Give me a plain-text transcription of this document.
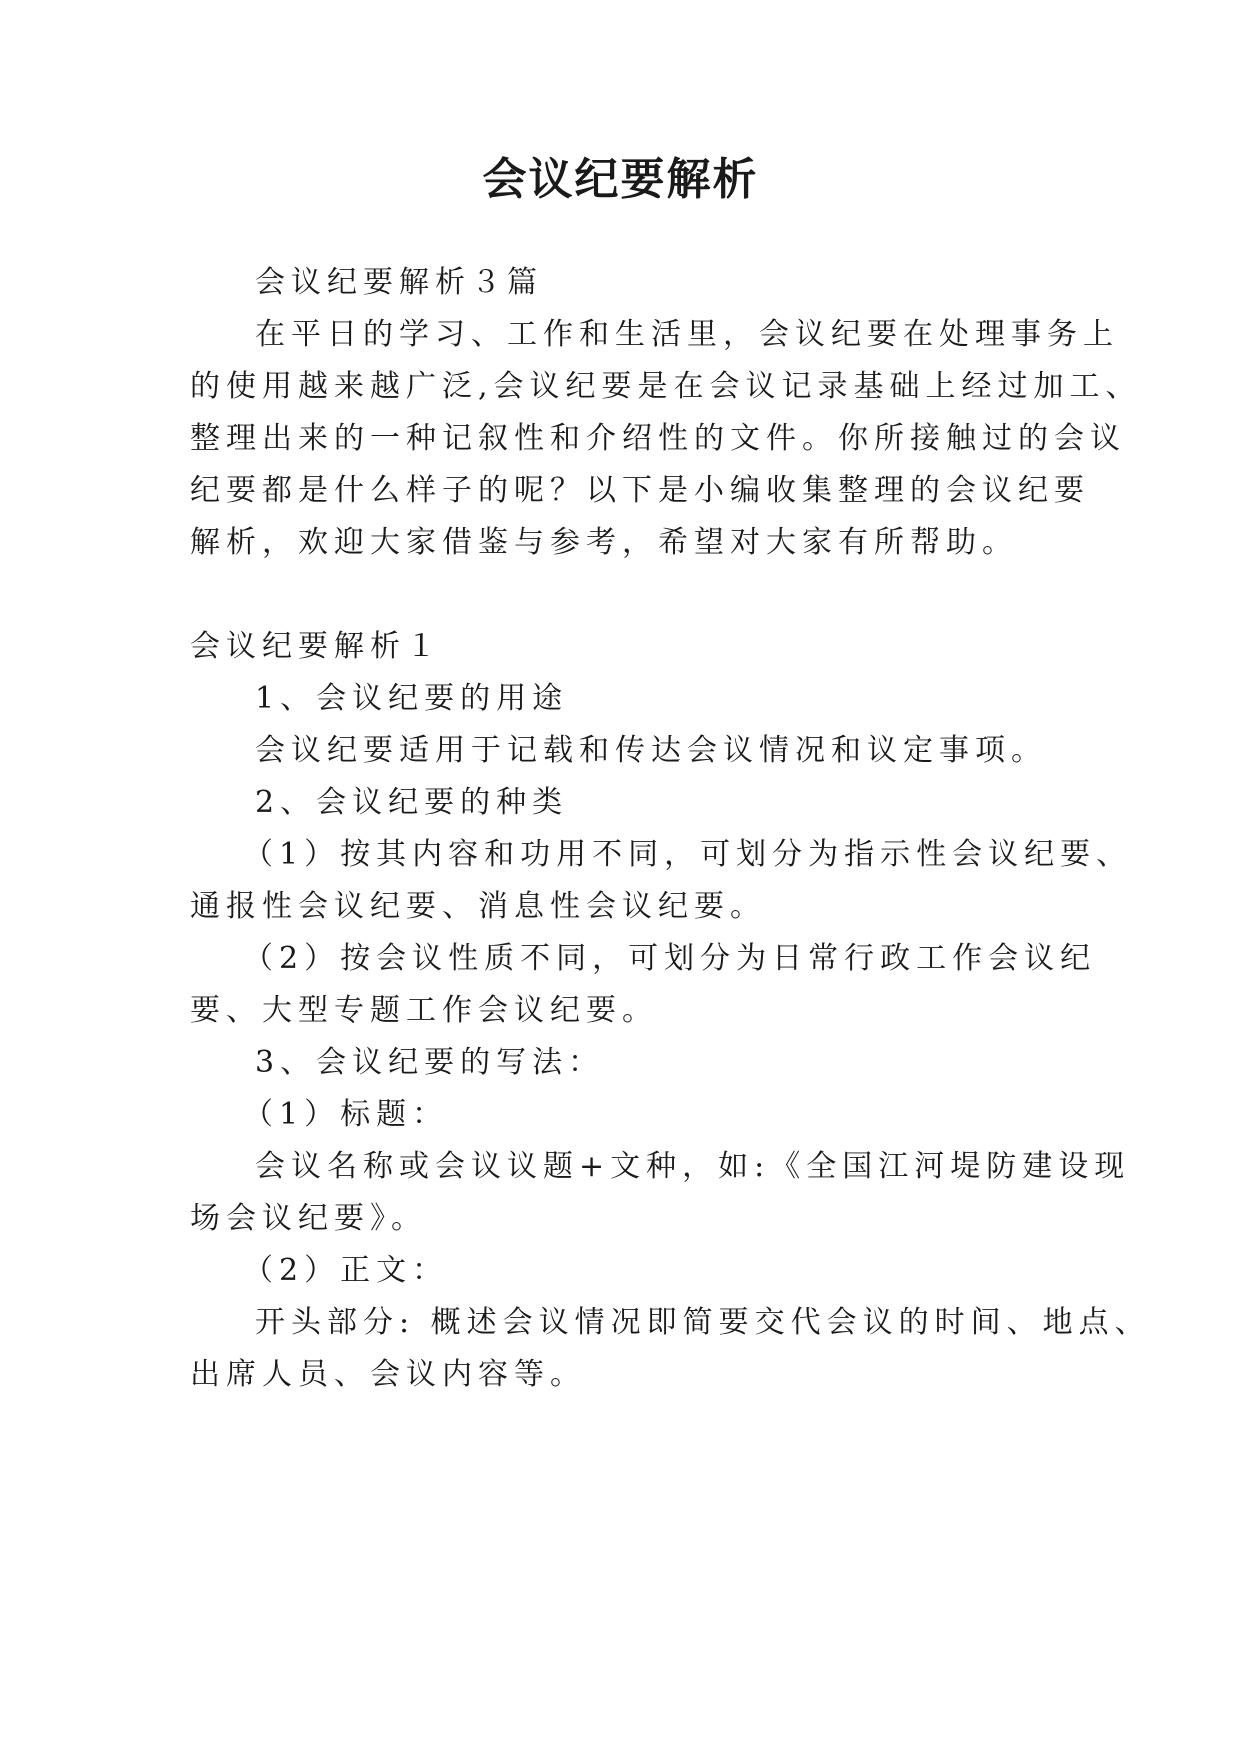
会议纪要解析

会议纪要解析３篇

在平日的学习、工作和生活里，会议纪要在处理事务上

的使用越来越广泛,会议纪要是在会议记录基础上经过加工、

整理出来的一种记叙性和介绍性的文件。你所接触过的会议

纪要都是什么样子的呢？以下是小编收集整理的会议纪要

解析，欢迎大家借鉴与参考，希望对大家有所帮助。

会议纪要解析１

1、会议纪要的用途

会议纪要适用于记载和传达会议情况和议定事项。

2、会议纪要的种类

（1）按其内容和功用不同，可划分为指示性会议纪要、

通报性会议纪要、消息性会议纪要。

（2）按会议性质不同，可划分为日常行政工作会议纪

要、大型专题工作会议纪要。

3、会议纪要的写法：

（1）标题：

会议名称或会议议题+文种，如:《全国江河堤防建设现

场会议纪要》。

（2）正文：

开头部分: 概述会议情况即简要交代会议的时间、地点、

出席人员、会议内容等。
